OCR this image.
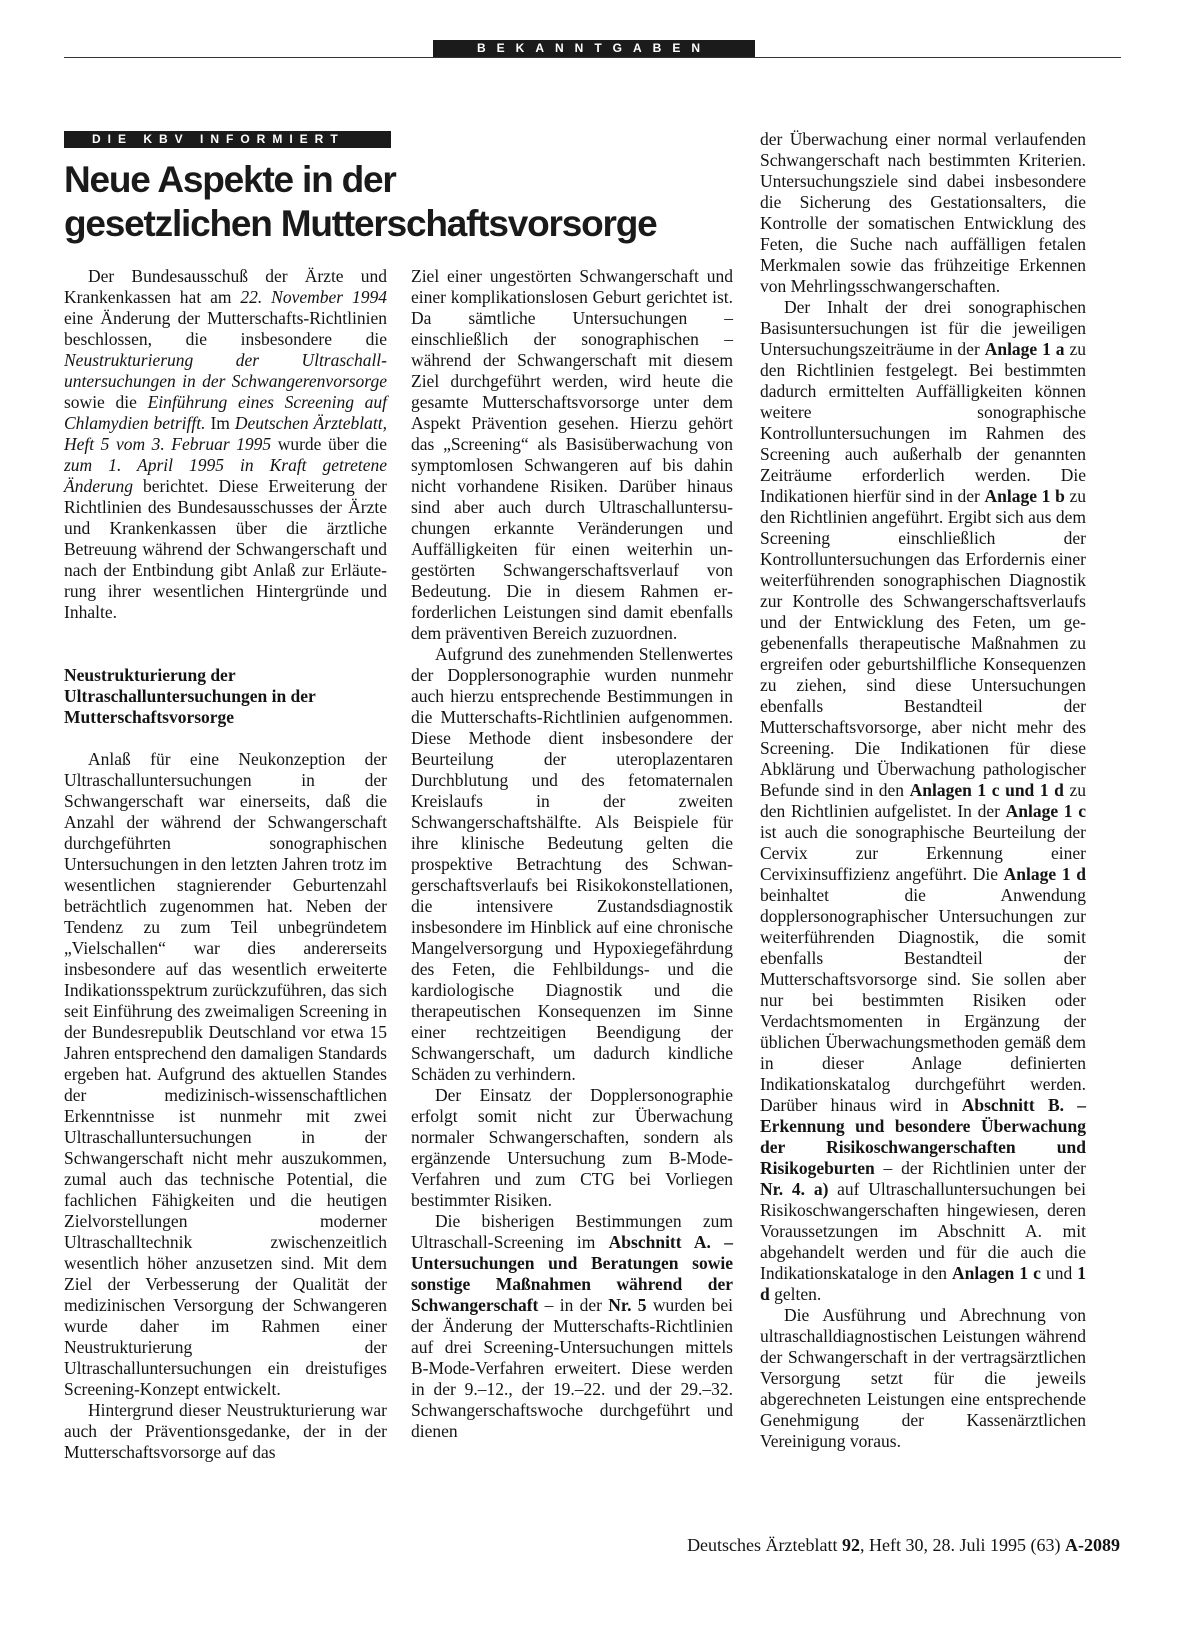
BEKANNTGABEN
DIE KBV INFORMIERT
Neue Aspekte in der
gesetzlichen Mutterschaftsvorsorge

Der Bundesausschuß der Ärzte und Krankenkassen hat am 22. November 1994 eine Änderung der Mutterschafts-Richtlinien beschlossen, die insbesondere die Neustrukturierung der Ultraschalluntersuchungen in der Schwangerenvorsorge sowie die Einführung eines Screening auf Chlamydien betrifft. Im Deutschen Ärzteblatt, Heft 5 vom 3. Februar 1995 wurde über die zum 1. April 1995 in Kraft getretene Änderung berichtet. Diese Erweiterung der Richtlinien des Bundesausschusses der Ärzte und Krankenkassen über die ärztliche Betreuung während der Schwangerschaft und nach der Entbindung gibt Anlaß zur Erläuterung ihrer wesentlichen Hintergründe und Inhalte.

Neustrukturierung der Ultraschalluntersuchungen in der Mutterschaftsvorsorge

Anlaß für eine Neukonzeption der Ultraschalluntersuchungen in der Schwangerschaft war einerseits, daß die Anzahl der während der Schwangerschaft durchgeführten sonographischen Untersuchungen in den letzten Jahren trotz im wesentlichen stagnierender Geburtenzahl beträchtlich zugenommen hat. Neben der Tendenz zu zum Teil unbegründetem „Vielschallen“ war dies andererseits insbesondere auf das wesentlich erweiterte Indikationsspektrum zurückzuführen, das sich seit Einführung des zweimaligen Screening in der Bundesrepublik Deutschland vor etwa 15 Jahren entsprechend den damaligen Standards ergeben hat. Aufgrund des aktuellen Standes der medizinisch-wissenschaftlichen Erkenntnisse ist nunmehr mit zwei Ultraschalluntersuchungen in der Schwangerschaft nicht mehr auszukommen, zumal auch das technische Potential, die fachlichen Fähigkeiten und die heutigen Zielvorstellungen moderner Ultraschalltechnik zwischenzeitlich wesentlich höher anzusetzen sind. Mit dem Ziel der Verbesserung der Qualität der medizinischen Versorgung der Schwangeren wurde daher im Rahmen einer Neustrukturierung der Ultraschalluntersuchungen ein dreistufiges Screening-Konzept entwickelt.

Hintergrund dieser Neustrukturierung war auch der Präventionsgedanke, der in der Mutterschaftsvorsorge auf das

Ziel einer ungestörten Schwangerschaft und einer komplikationslosen Geburt gerichtet ist. Da sämtliche Untersuchungen – einschließlich der sonographischen – während der Schwangerschaft mit diesem Ziel durchgeführt werden, wird heute die gesamte Mutterschaftsvorsorge unter dem Aspekt Prävention gesehen. Hierzu gehört das „Screening“ als Basisüberwachung von symptomlosen Schwangeren auf bis dahin nicht vorhandene Risiken. Darüber hinaus sind aber auch durch Ultraschalluntersuchungen erkannte Veränderungen und Auffälligkeiten für einen weiterhin ungestörten Schwangerschaftsverlauf von Bedeutung. Die in diesem Rahmen erforderlichen Leistungen sind damit ebenfalls dem präventiven Bereich zuzuordnen.

Aufgrund des zunehmenden Stellenwertes der Dopplersonographie wurden nunmehr auch hierzu entsprechende Bestimmungen in die Mutterschafts-Richtlinien aufgenommen. Diese Methode dient insbesondere der Beurteilung der uteroplazentaren Durchblutung und des fetomaternalen Kreislaufs in der zweiten Schwangerschaftshälfte. Als Beispiele für ihre klinische Bedeutung gelten die prospektive Betrachtung des Schwangerschaftsverlaufs bei Risikokonstellationen, die intensivere Zustandsdiagnostik insbesondere im Hinblick auf eine chronische Mangelversorgung und Hypoxiegefährdung des Feten, die Fehlbildungs- und die kardiologische Diagnostik und die therapeutischen Konsequenzen im Sinne einer rechtzeitigen Beendigung der Schwangerschaft, um dadurch kindliche Schäden zu verhindern.

Der Einsatz der Dopplersonographie erfolgt somit nicht zur Überwachung normaler Schwangerschaften, sondern als ergänzende Untersuchung zum B-Mode-Verfahren und zum CTG bei Vorliegen bestimmter Risiken.

Die bisherigen Bestimmungen zum Ultraschall-Screening im Abschnitt A. – Untersuchungen und Beratungen sowie sonstige Maßnahmen während der Schwangerschaft – in der Nr. 5 wurden bei der Änderung der Mutterschafts-Richtlinien auf drei Screening-Untersuchungen mittels B-Mode-Verfahren erweitert. Diese werden in der 9.–12., der 19.–22. und der 29.–32. Schwangerschaftswoche durchgeführt und dienen

der Überwachung einer normal verlaufenden Schwangerschaft nach bestimmten Kriterien. Untersuchungsziele sind dabei insbesondere die Sicherung des Gestationsalters, die Kontrolle der somatischen Entwicklung des Feten, die Suche nach auffälligen fetalen Merkmalen sowie das frühzeitige Erkennen von Mehrlingsschwangerschaften.

Der Inhalt der drei sonographischen Basisuntersuchungen ist für die jeweiligen Untersuchungszeiträume in der Anlage 1 a zu den Richtlinien festgelegt. Bei bestimmten dadurch ermittelten Auffälligkeiten können weitere sonographische Kontrolluntersuchungen im Rahmen des Screening auch außerhalb der genannten Zeiträume erforderlich werden. Die Indikationen hierfür sind in der Anlage 1 b zu den Richtlinien angeführt. Ergibt sich aus dem Screening einschließlich der Kontrolluntersuchungen das Erfordernis einer weiterführenden sonographischen Diagnostik zur Kontrolle des Schwangerschaftsverlaufs und der Entwicklung des Feten, um gegebenenfalls therapeutische Maßnahmen zu ergreifen oder geburtshilfliche Konsequenzen zu ziehen, sind diese Untersuchungen ebenfalls Bestandteil der Mutterschaftsvorsorge, aber nicht mehr des Screening. Die Indikationen für diese Abklärung und Überwachung pathologischer Befunde sind in den Anlagen 1 c und 1 d zu den Richtlinien aufgelistet. In der Anlage 1 c ist auch die sonographische Beurteilung der Cervix zur Erkennung einer Cervixinsuffizienz angeführt. Die Anlage 1 d beinhaltet die Anwendung dopplersonographischer Untersuchungen zur weiterführenden Diagnostik, die somit ebenfalls Bestandteil der Mutterschaftsvorsorge sind. Sie sollen aber nur bei bestimmten Risiken oder Verdachtsmomenten in Ergänzung der üblichen Überwachungsmethoden gemäß dem in dieser Anlage definierten Indikationskatalog durchgeführt werden. Darüber hinaus wird in Abschnitt B. – Erkennung und besondere Überwachung der Risikoschwangerschaften und Risikogeburten – der Richtlinien unter der Nr. 4. a) auf Ultraschalluntersuchungen bei Risikoschwangerschaften hingewiesen, deren Voraussetzungen im Abschnitt A. mit abgehandelt werden und für die auch die Indikationskataloge in den Anlagen 1 c und 1 d gelten.

Die Ausführung und Abrechnung von ultraschalldiagnostischen Leistungen während der Schwangerschaft in der vertragsärztlichen Versorgung setzt für die jeweils abgerechneten Leistungen eine entsprechende Genehmigung der Kassenärztlichen Vereinigung voraus.

Deutsches Ärzteblatt 92, Heft 30, 28. Juli 1995 (63) A-2089
